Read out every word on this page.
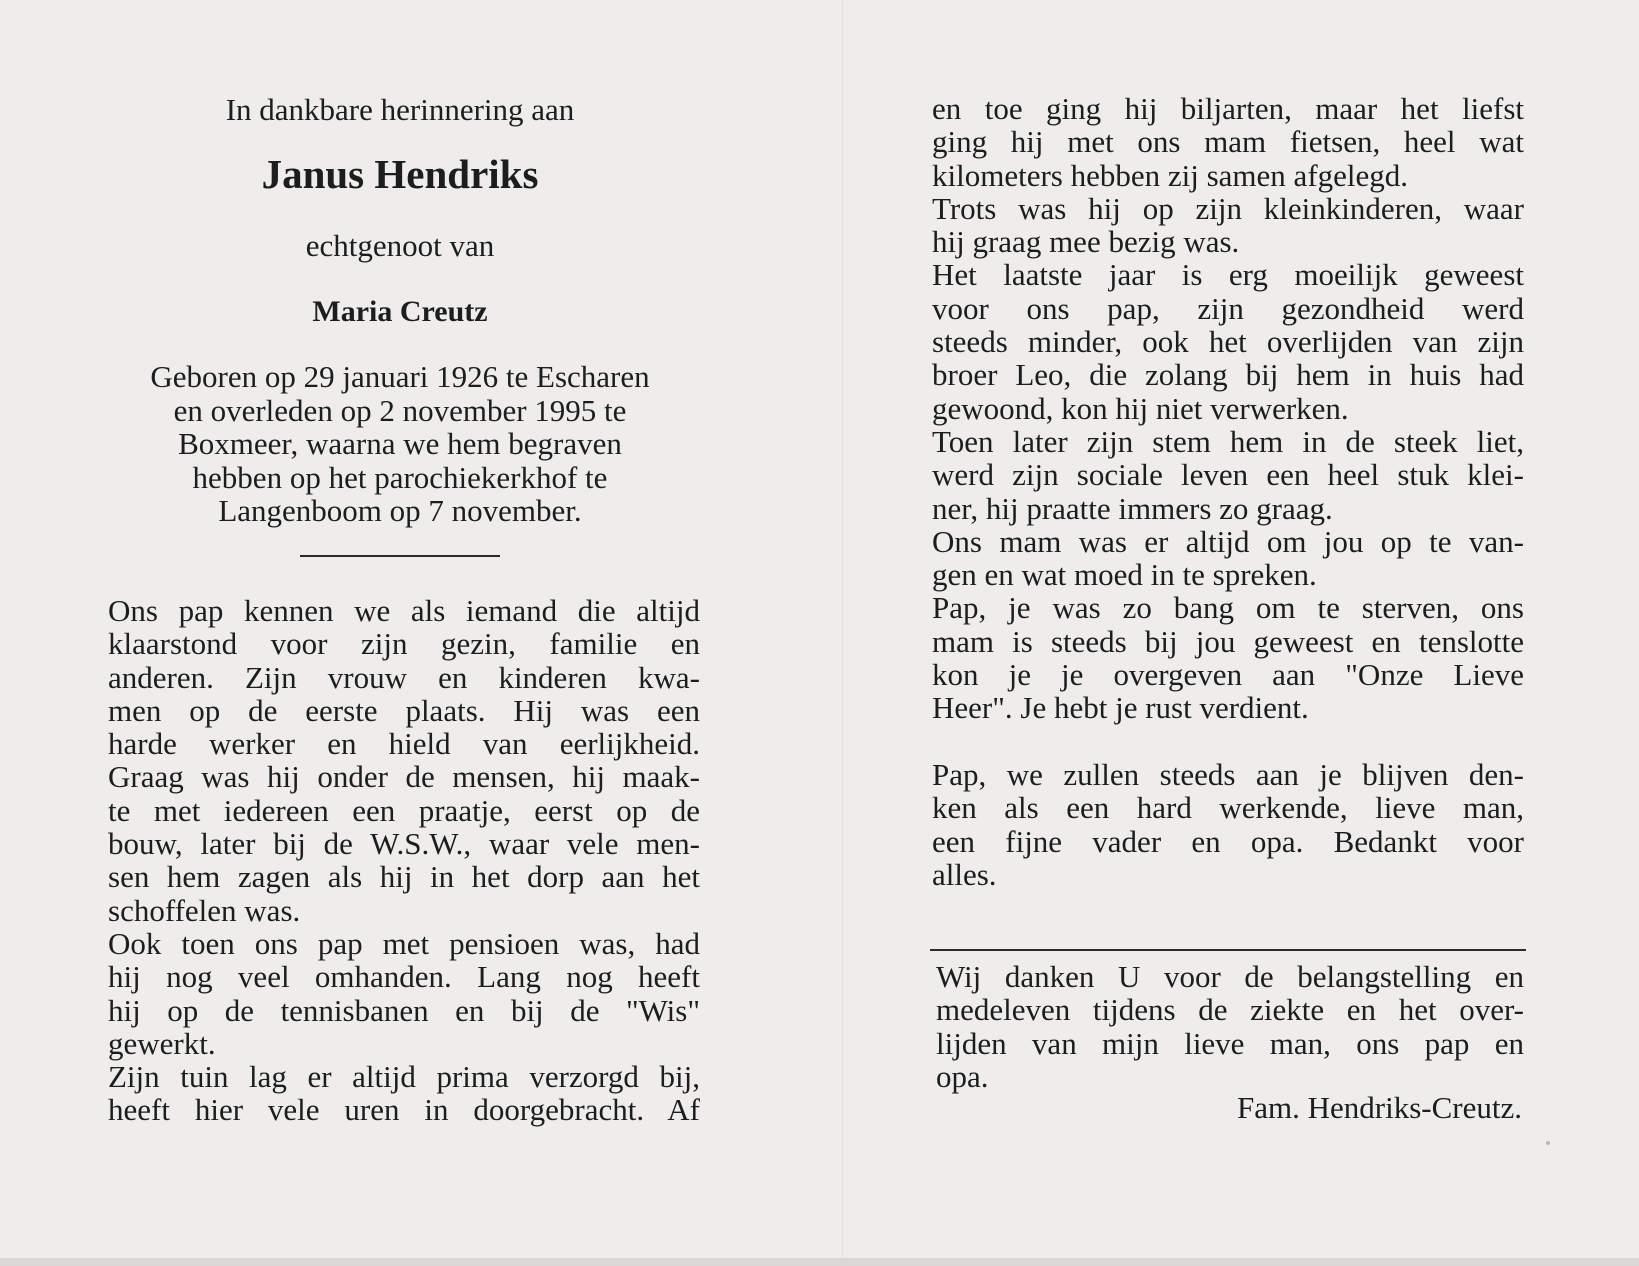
In dankbare herinnering aan
Janus Hendriks
echtgenoot van
Maria Creutz
Geboren op 29 januari 1926 te Escharen
en overleden op 2 november 1995 te
Boxmeer, waarna we hem begraven
hebben op het parochiekerkhof te
Langenboom op 7 november.
Ons pap kennen we als iemand die altijd
klaarstond voor zijn gezin, familie en
anderen. Zijn vrouw en kinderen kwa-
men op de eerste plaats. Hij was een
harde werker en hield van eerlijkheid.
Graag was hij onder de mensen, hij maak-
te met iedereen een praatje, eerst op de
bouw, later bij de W.S.W., waar vele men-
sen hem zagen als hij in het dorp aan het
schoffelen was.
Ook toen ons pap met pensioen was, had
hij nog veel omhanden. Lang nog heeft
hij op de tennisbanen en bij de "Wis"
gewerkt.
Zijn tuin lag er altijd prima verzorgd bij,
heeft hier vele uren in doorgebracht. Af
en toe ging hij biljarten, maar het liefst
ging hij met ons mam fietsen, heel wat
kilometers hebben zij samen afgelegd.
Trots was hij op zijn kleinkinderen, waar
hij graag mee bezig was.
Het laatste jaar is erg moeilijk geweest
voor ons pap, zijn gezondheid werd
steeds minder, ook het overlijden van zijn
broer Leo, die zolang bij hem in huis had
gewoond, kon hij niet verwerken.
Toen later zijn stem hem in de steek liet,
werd zijn sociale leven een heel stuk klei-
ner, hij praatte immers zo graag.
Ons mam was er altijd om jou op te van-
gen en wat moed in te spreken.
Pap, je was zo bang om te sterven, ons
mam is steeds bij jou geweest en tenslotte
kon je je overgeven aan "Onze Lieve
Heer". Je hebt je rust verdient.
Pap, we zullen steeds aan je blijven den-
ken als een hard werkende, lieve man,
een fijne vader en opa. Bedankt voor
alles.
Wij danken U voor de belangstelling en
medeleven tijdens de ziekte en het over-
lijden van mijn lieve man, ons pap en
opa.
Fam. Hendriks-Creutz.
